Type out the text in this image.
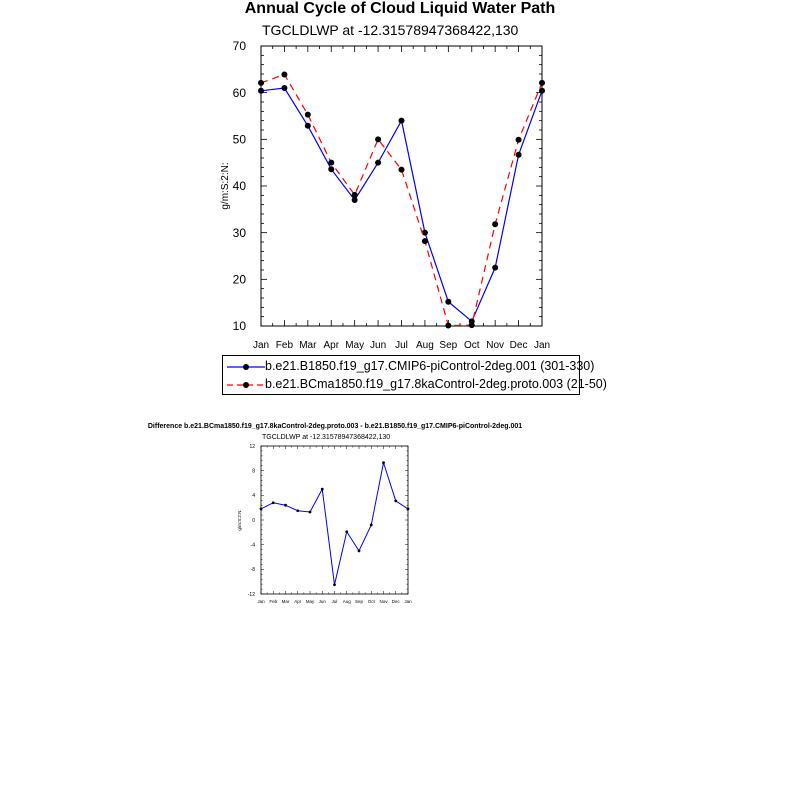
Annual Cycle of Cloud Liquid Water Path
TGCLDLWP at -12.31578947368422,130
10
20
30
40
50
60
70
Jan Feb Mar Apr May Jun Jul Aug Sep Oct Nov Dec Jan
g/m:S:2:N:
b.e21.B1850.f19_g17.CMIP6-piControl-2deg.001 (301-330)
b.e21.BCma1850.f19_g17.8kaControl-2deg.proto.003 (21-50)
Difference b.e21.BCma1850.f19_g17.8kaControl-2deg.proto.003 - b.e21.B1850.f19_g17.CMIP6-piControl-2deg.001
TGCLDLWP at -12.31578947368422,130
-12
-8
-4
0
4
8
12
Jan Feb Mar Apr May Jun Jul Aug Sep Oct Nov Dec Jan
g/m:S:2:N:
